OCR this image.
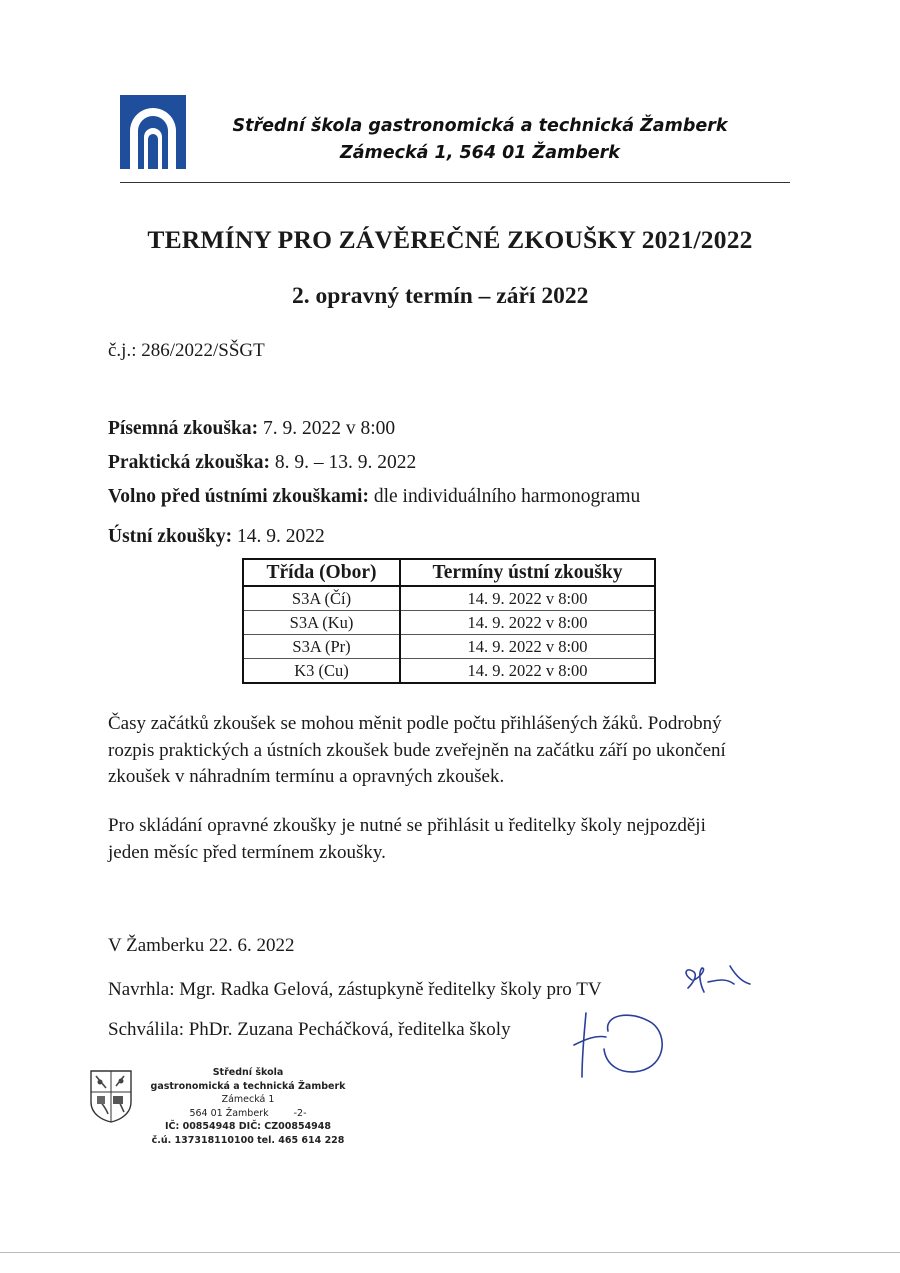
Střední škola gastronomická a technická Žamberk
Zámecká 1, 564 01 Žamberk
TERMÍNY PRO ZÁVĚREČNÉ ZKOUŠKY 2021/2022
2. opravný termín – září 2022
č.j.: 286/2022/SŠGT
Písemná zkouška: 7. 9. 2022 v 8:00
Praktická zkouška: 8. 9. – 13. 9. 2022
Volno před ústními zkouškami: dle individuálního harmonogramu
Ústní zkoušky: 14. 9. 2022
Třída (Obor)	Termíny ústní zkoušky
S3A (Čí)	14. 9. 2022 v 8:00
S3A (Ku)	14. 9. 2022 v 8:00
S3A (Pr)	14. 9. 2022 v 8:00
K3 (Cu)	14. 9. 2022 v 8:00
Časy začátků zkoušek se mohou měnit podle počtu přihlášených žáků. Podrobný
rozpis praktických a ústních zkoušek bude zveřejněn na začátku září po ukončení
zkoušek v náhradním termínu a opravných zkoušek.
Pro skládání opravné zkoušky je nutné se přihlásit u ředitelky školy nejpozději
jeden měsíc před termínem zkoušky.
V Žamberku 22. 6. 2022
Navrhla: Mgr. Radka Gelová, zástupkyně ředitelky školy pro TV
Schválila: PhDr. Zuzana Pecháčková, ředitelka školy
Střední škola
gastronomická a technická Žamberk
Zámecká 1
564 01 Žamberk	-2-
IČ: 00854948 DIČ: CZ00854948
č.ú. 137318110100 tel. 465 614 228
